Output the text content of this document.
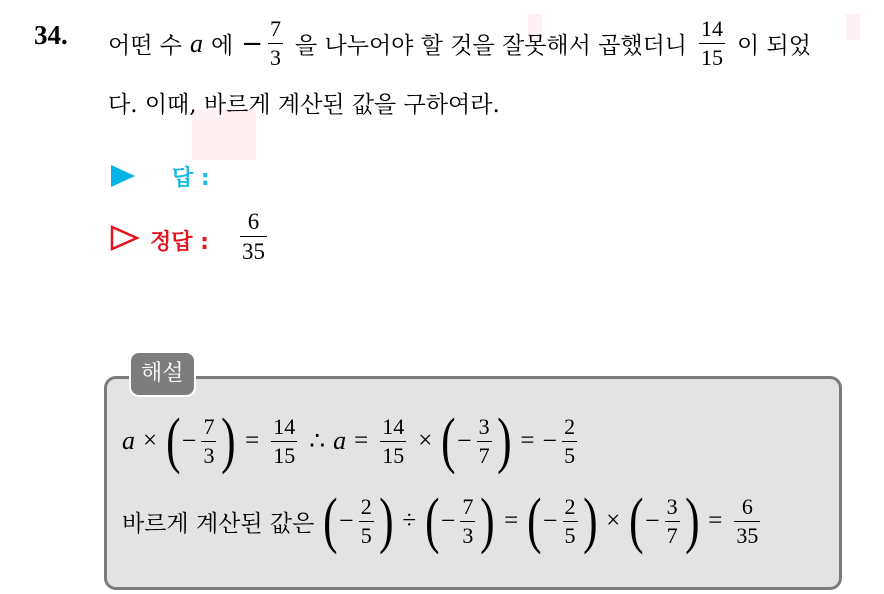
34. 어떤 수 a 에 − $\frac{7}{3}$ 을 나누어야 할 것을 잘못해서 곱했더니 $\frac{14}{15}$ 이 되었
다. 이때, 바르게 계산된 값을 구하여라.
답 :
정답 : $\frac{6}{35}$
해설
a × ( − $\frac{7}{3}$ ) = $\frac{14}{15}$ ∴ $a = \frac{14}{15}$ × ( − $\frac{3}{7}$ ) = − $\frac{2}{5}$
바르게 계산된 값은 ( − $\frac{2}{5}$ ) ÷ ( − $\frac{7}{3}$ ) = ( − $\frac{2}{5}$ ) × ( − $\frac{3}{7}$ ) = $\frac{6}{35}$
